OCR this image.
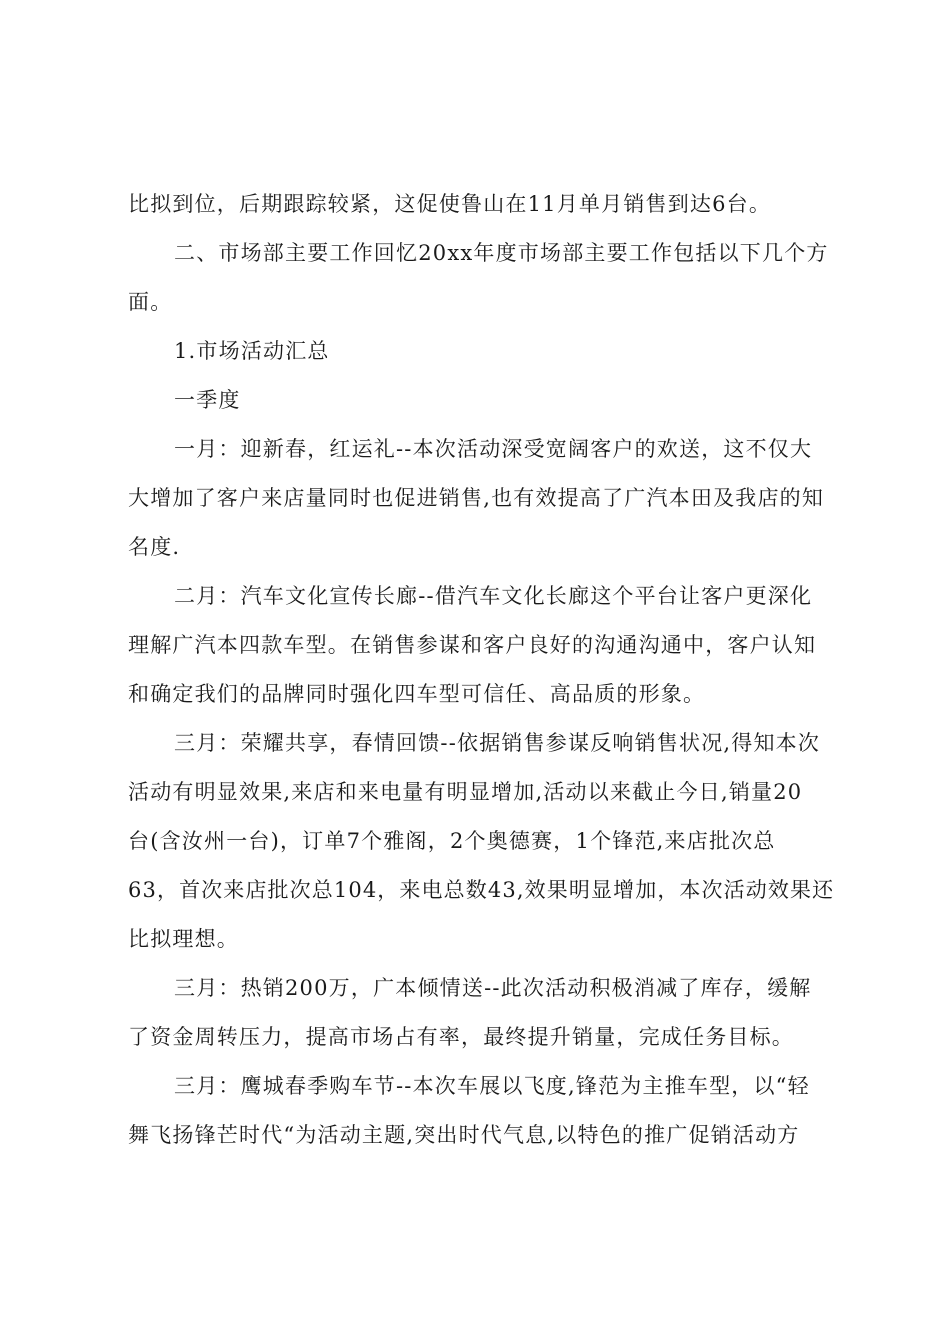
比拟到位，后期跟踪较紧，这促使鲁山在11月单月销售到达6台。
二、市场部主要工作回忆20xx年度市场部主要工作包括以下几个方
面。
1.市场活动汇总
一季度
一月：迎新春，红运礼--本次活动深受宽阔客户的欢送，这不仅大
大增加了客户来店量同时也促进销售,也有效提高了广汽本田及我店的知
名度.
二月：汽车文化宣传长廊--借汽车文化长廊这个平台让客户更深化
理解广汽本四款车型。在销售参谋和客户良好的沟通沟通中，客户认知
和确定我们的品牌同时强化四车型可信任、高品质的形象。
三月：荣耀共享，春情回馈--依据销售参谋反响销售状况,得知本次
活动有明显效果,来店和来电量有明显增加,活动以来截止今日,销量20
台(含汝州一台)，订单7个雅阁，2个奥德赛，1个锋范,来店批次总
63，首次来店批次总104，来电总数43,效果明显增加，本次活动效果还
比拟理想。
三月：热销200万，广本倾情送--此次活动积极消减了库存，缓解
了资金周转压力，提高市场占有率，最终提升销量，完成任务目标。
三月：鹰城春季购车节--本次车展以飞度,锋范为主推车型，以“轻
舞飞扬锋芒时代“为活动主题,突出时代气息,以特色的推广促销活动方
